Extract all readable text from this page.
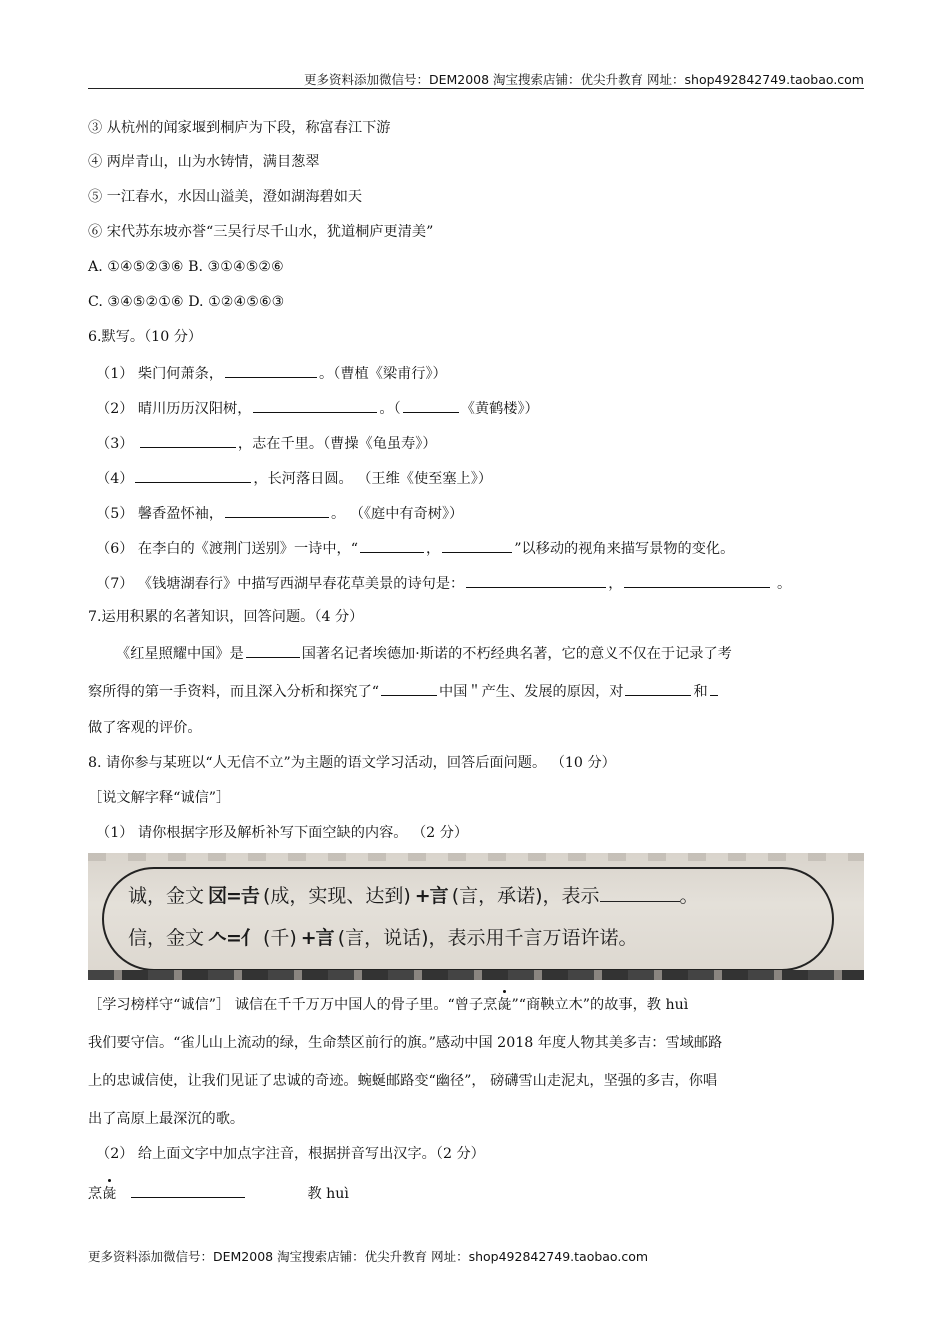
更多资料添加微信号：DEM2008 淘宝搜索店铺：优尖升教育 网址：shop492842749.taobao.com
③ 从杭州的闻家堰到桐庐为下段，称富春江下游
④ 两岸青山，山为水铸情，满目葱翠
⑤ 一江春水，水因山溢美，澄如湖海碧如天
⑥ 宋代苏东坡亦誉“三吴行尽千山水，犹道桐庐更清美”
A. ①④⑤②③⑥ B. ③①④⑤②⑥
C. ③④⑤②①⑥ D. ①②④⑤⑥③
6.默写。（10 分）
（1） 柴门何萧条，	。（曹植《梁甫行》）
（2） 晴川历历汉阳树，	。（	《黄鹤楼》）
（3）	，志在千里。（曹操《龟虽寿》）
（4）	，长河落日圆。 （王维《使至塞上》）
（5） 馨香盈怀袖，	。 （《庭中有奇树》）
（6） 在李白的《渡荆门送别》一诗中，“	，	”以移动的视角来描写景物的变化。
（7） 《钱塘湖春行》中描写西湖早春花草美景的诗句是：	，	。
7.运用积累的名著知识，回答问题。（4 分）
《红星照耀中国》是	国著名记者埃德加·斯诺的不朽经典名著，它的意义不仅在于记录了考
察所得的第一手资料，而且深入分析和探究了“	中国＂产生、发展的原因，对	和
做了客观的评价。
8. 请你参与某班以“人无信不立”为主题的语文学习活动，回答后面问题。 （10 分）
［说文解字释“诚信”］
（1） 请你根据字形及解析补写下面空缺的内容。 （2 分）
诚，金文 㘝=𠮷 (成，实现、达到) +言 (言，承诺)，表示	。
信，金文 𠆢=亻 (千) +言 (言，说话)，表示用千言万语许诺。
［学习榜样守“诚信”］ 诚信在千千万万中国人的骨子里。“曾子烹彘”“商鞅立木”的故事，教 huì
我们要守信。“雀儿山上流动的绿，生命禁区前行的旗。”感动中国 2018 年度人物其美多吉：雪域邮路
上的忠诚信使，让我们见证了忠诚的奇迹。蜿蜒邮路变“幽径”， 磅礴雪山走泥丸，坚强的多吉，你唱
出了高原上最深沉的歌。
（2） 给上面文字中加点字注音，根据拼音写出汉字。（2 分）
烹彘	教 huì
更多资料添加微信号：DEM2008 淘宝搜索店铺：优尖升教育 网址：shop492842749.taobao.com
